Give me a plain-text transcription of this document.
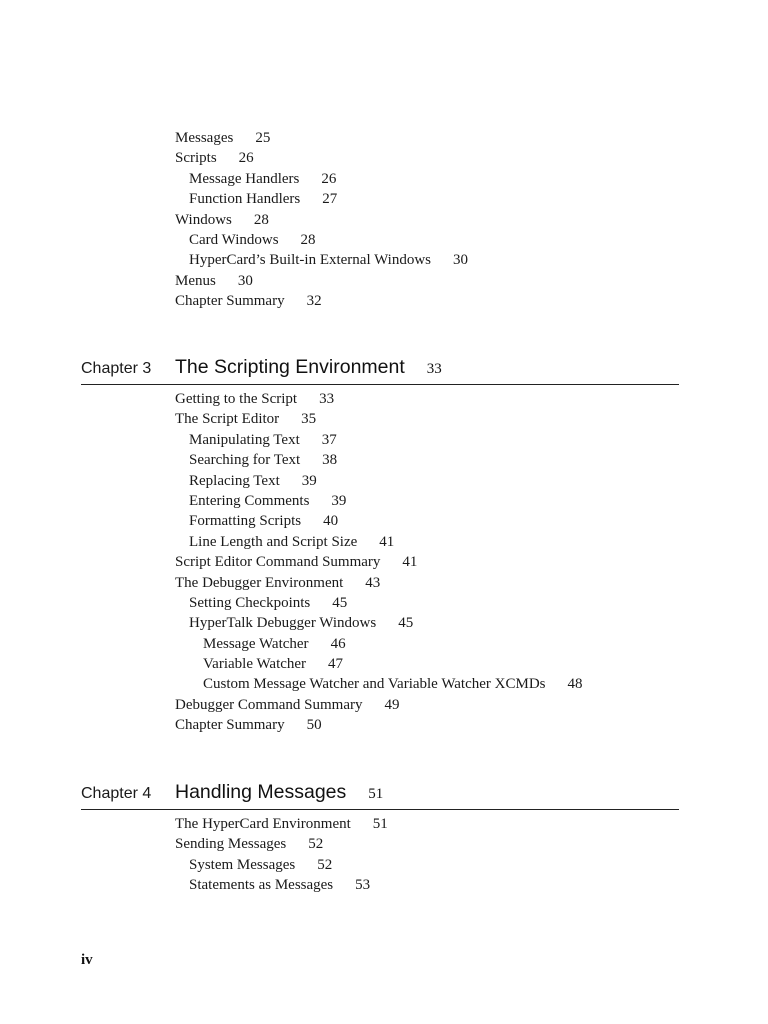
Messages 25
Scripts 26
Message Handlers 26
Function Handlers 27
Windows 28
Card Windows 28
HyperCard’s Built-in External Windows 30
Menus 30
Chapter Summary 32
Chapter 3 The Scripting Environment 33
Getting to the Script 33
The Script Editor 35
Manipulating Text 37
Searching for Text 38
Replacing Text 39
Entering Comments 39
Formatting Scripts 40
Line Length and Script Size 41
Script Editor Command Summary 41
The Debugger Environment 43
Setting Checkpoints 45
HyperTalk Debugger Windows 45
Message Watcher 46
Variable Watcher 47
Custom Message Watcher and Variable Watcher XCMDs 48
Debugger Command Summary 49
Chapter Summary 50
Chapter 4 Handling Messages 51
The HyperCard Environment 51
Sending Messages 52
System Messages 52
Statements as Messages 53
iv
